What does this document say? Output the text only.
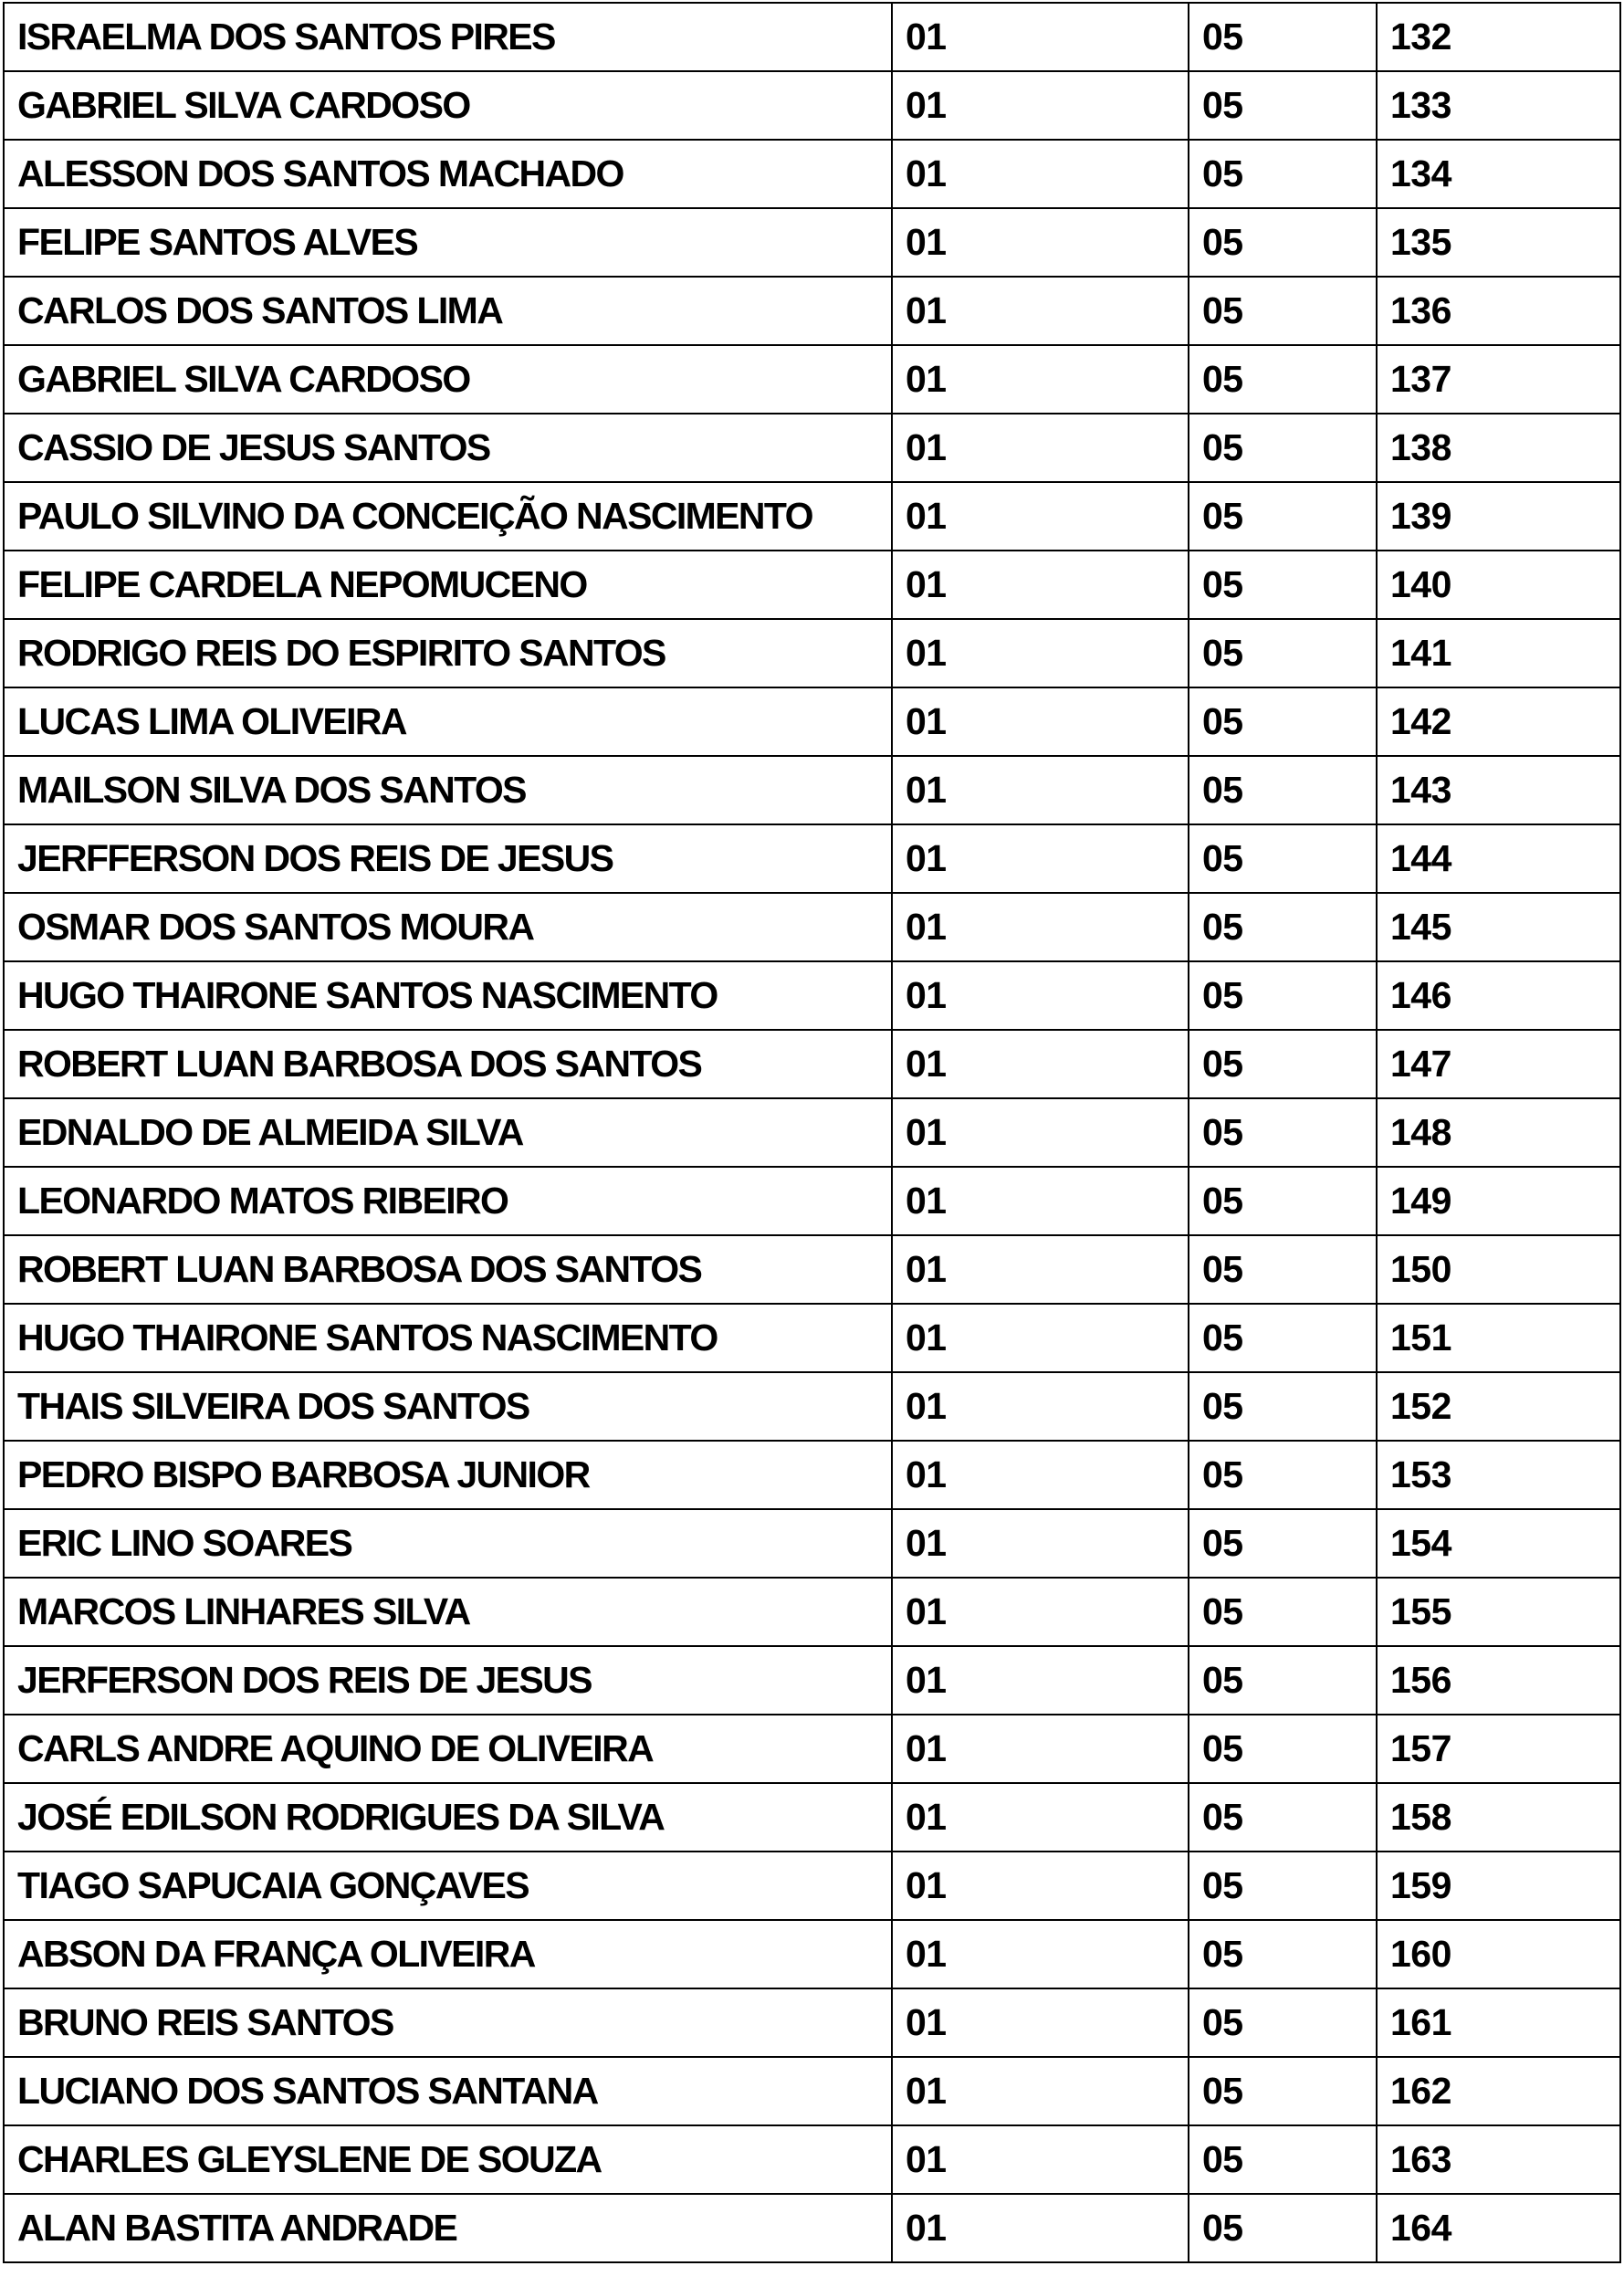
ISRAELMA DOS SANTOS PIRES	01	05	132
GABRIEL SILVA CARDOSO	01	05	133
ALESSON DOS SANTOS MACHADO	01	05	134
FELIPE SANTOS ALVES	01	05	135
CARLOS DOS SANTOS LIMA	01	05	136
GABRIEL SILVA CARDOSO	01	05	137
CASSIO DE JESUS SANTOS	01	05	138
PAULO SILVINO DA CONCEIÇÃO NASCIMENTO	01	05	139
FELIPE CARDELA NEPOMUCENO	01	05	140
RODRIGO REIS DO ESPIRITO SANTOS	01	05	141
LUCAS LIMA OLIVEIRA	01	05	142
MAILSON SILVA DOS SANTOS	01	05	143
JERFFERSON DOS REIS DE JESUS	01	05	144
OSMAR DOS SANTOS MOURA	01	05	145
HUGO THAIRONE SANTOS NASCIMENTO	01	05	146
ROBERT LUAN BARBOSA DOS SANTOS	01	05	147
EDNALDO DE ALMEIDA SILVA	01	05	148
LEONARDO MATOS RIBEIRO	01	05	149
ROBERT LUAN BARBOSA DOS SANTOS	01	05	150
HUGO THAIRONE SANTOS NASCIMENTO	01	05	151
THAIS SILVEIRA DOS SANTOS	01	05	152
PEDRO BISPO BARBOSA JUNIOR	01	05	153
ERIC LINO SOARES	01	05	154
MARCOS LINHARES SILVA	01	05	155
JERFERSON DOS REIS DE JESUS	01	05	156
CARLS ANDRE AQUINO DE OLIVEIRA	01	05	157
JOSÉ EDILSON RODRIGUES DA SILVA	01	05	158
TIAGO SAPUCAIA GONÇAVES	01	05	159
ABSON DA FRANÇA OLIVEIRA	01	05	160
BRUNO REIS SANTOS	01	05	161
LUCIANO DOS SANTOS SANTANA	01	05	162
CHARLES GLEYSLENE DE SOUZA	01	05	163
ALAN BASTITA ANDRADE	01	05	164
